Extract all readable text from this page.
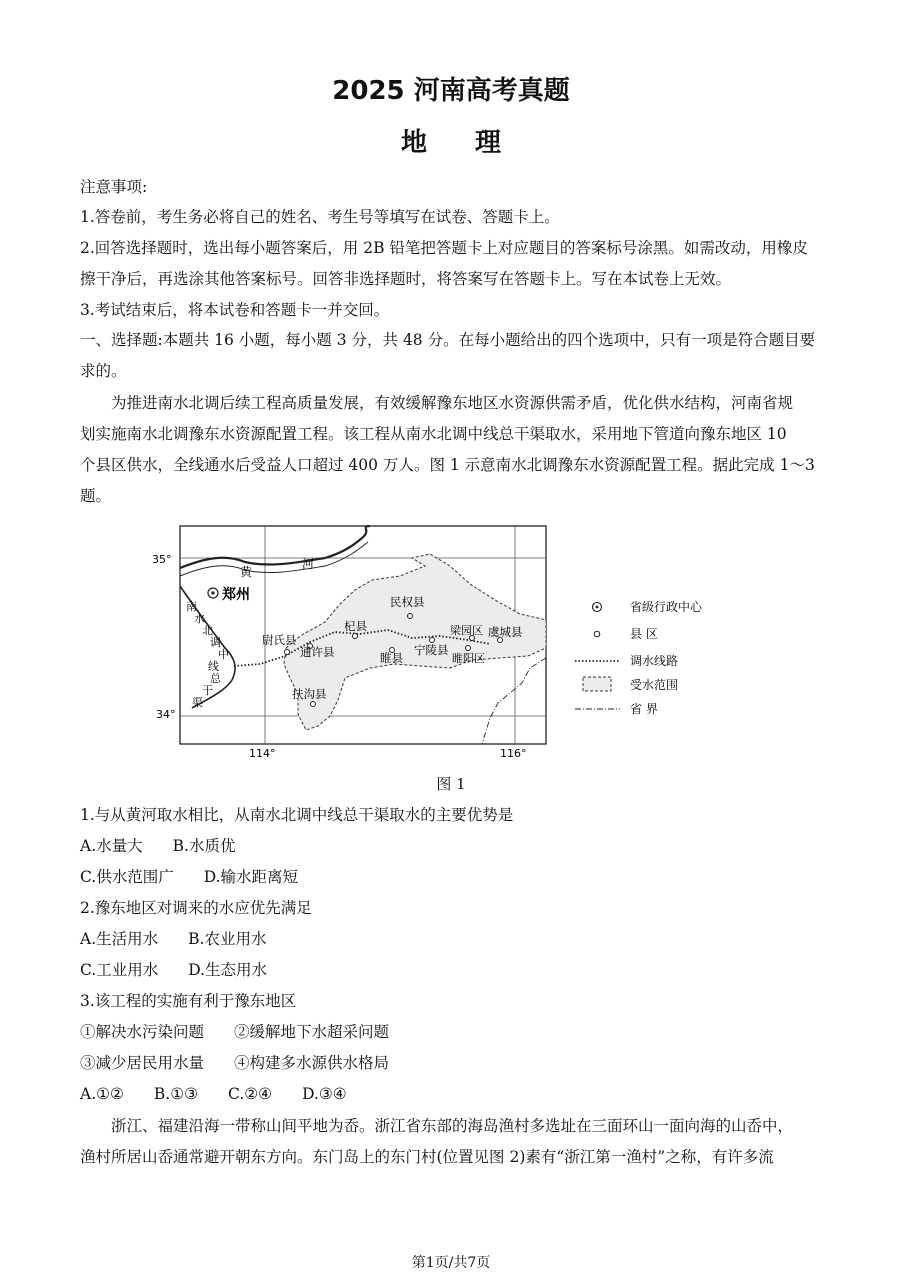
2025 河南高考真题
地理
注意事项:
1.答卷前，考生务必将自己的姓名、考生号等填写在试卷、答题卡上。
2.回答选择题时，选出每小题答案后，用 2B 铅笔把答题卡上对应题目的答案标号涂黑。如需改动，用橡皮
擦干净后，再选涂其他答案标号。回答非选择题时，将答案写在答题卡上。写在本试卷上无效。
3.考试结束后，将本试卷和答题卡一并交回。
一、选择题:本题共 16 小题，每小题 3 分，共 48 分。在每小题给出的四个选项中，只有一项是符合题目要
求的。
为推进南水北调后续工程高质量发展，有效缓解豫东地区水资源供需矛盾，优化供水结构，河南省规
划实施南水北调豫东水资源配置工程。该工程从南水北调中线总干渠取水，采用地下管道向豫东地区 10
个县区供水，全线通水后受益人口超过 400 万人。图 1 示意南水北调豫东水资源配置工程。据此完成 1～3
题。
35°
34°
114°	116°
黄
河
南
水
北
调
中
线
总
干
渠
郑州	民权县
尉氏县
通许县
杞县	梁园区 虞城县
睢县
宁陵县
睢阳区
扶沟县
省级行政中心
县 区
调水线路
受水范围
省 界
图 1
1.与从黄河取水相比，从南水北调中线总干渠取水的主要优势是
A.水量大 B.水质优
C.供水范围广 D.输水距离短
2.豫东地区对调来的水应优先满足
A.生活用水 B.农业用水
C.工业用水 D.生态用水
3.该工程的实施有利于豫东地区
①解决水污染问题 ②缓解地下水超采问题
③减少居民用水量 ④构建多水源供水格局
A.①② B.①③ C.②④ D.③④
浙江、福建沿海一带称山间平地为岙。浙江省东部的海岛渔村多选址在三面环山一面向海的山岙中，
渔村所居山岙通常避开朝东方向。东门岛上的东门村(位置见图 2)素有“浙江第一渔村”之称，有许多流
第1页/共7页
